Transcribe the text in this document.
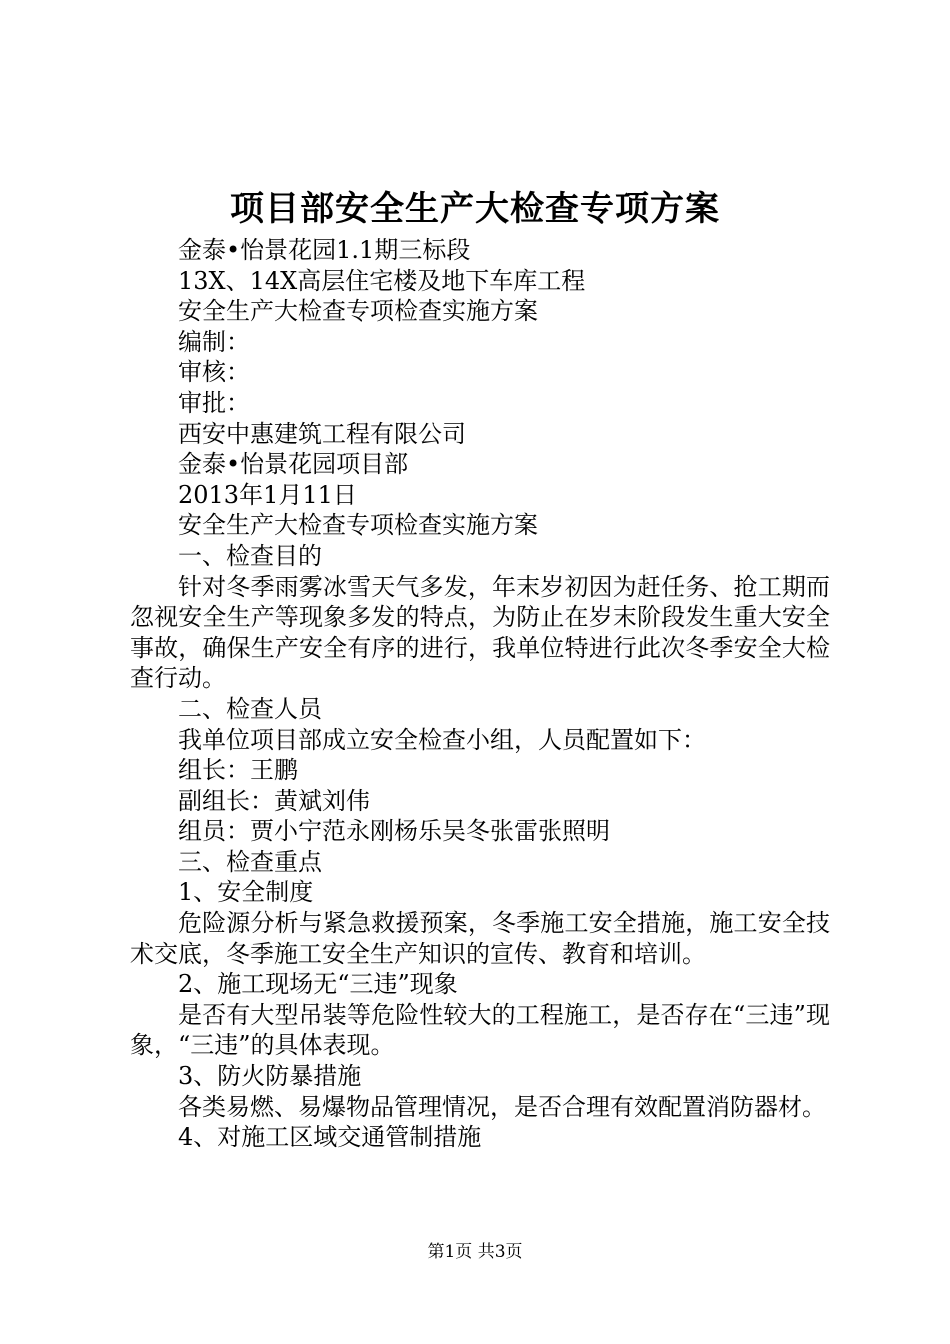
项目部安全生产大检查专项方案
金泰•怡景花园1.1期三标段
13X、14X高层住宅楼及地下车库工程
安全生产大检查专项检查实施方案
编制：
审核：
审批：
西安中惠建筑工程有限公司
金泰•怡景花园项目部
2013年1月11日
安全生产大检查专项检查实施方案
一、检查目的

针对冬季雨雾冰雪天气多发，年末岁初因为赶任务、抢工期而忽视安全生产等现象多发的特点，为防止在岁末阶段发生重大安全事故，确保生产安全有序的进行，我单位特进行此次冬季安全大检查行动。

二、检查人员
我单位项目部成立安全检查小组，人员配置如下：
组长：王鹏
副组长：黄斌刘伟
组员：贾小宁范永刚杨乐吴冬张雷张照明
三、检查重点
1、安全制度

危险源分析与紧急救援预案，冬季施工安全措施，施工安全技术交底，冬季施工安全生产知识的宣传、教育和培训。

2、施工现场无“三违”现象

是否有大型吊装等危险性较大的工程施工，是否存在“三违”现象，“三违”的具体表现。

3、防火防暴措施

各类易燃、易爆物品管理情况，是否合理有效配置消防器材。

4、对施工区域交通管制措施
第1页 共3页
